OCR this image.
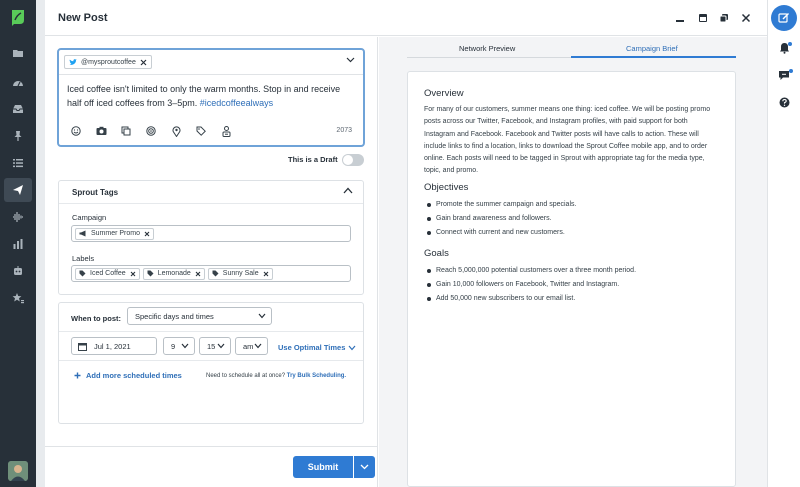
New Post
@mysproutcoffee
Iced coffee isn't limited to only the warm months. Stop in and receive half off iced coffees from 3–5pm. #icedcoffeealways
2073
This is a Draft
Sprout Tags
Campaign
Summer Promo
Labels
Iced Coffee	Lemonade	Sunny Sale
When to post: Specific days and times
Jul 1, 2021	9	15	am	Use Optimal Times
Add more scheduled times	Need to schedule all at once? Try Bulk Scheduling.
Submit
Network Preview	Campaign Brief
Overview

For many of our customers, summer means one thing: iced coffee. We will be posting promo posts across our Twitter, Facebook, and Instagram profiles, with paid support for both Instagram and Facebook. Facebook and Twitter posts will have calls to action. These will include links to find a location, links to download the Sprout Coffee mobile app, and to order online. Each posts will need to be tagged in Sprout with appropriate tag for the media type, topic, and promo.

Objectives
Promote the summer campaign and specials.
Gain brand awareness and followers.
Connect with current and new customers.
Goals
Reach 5,000,000 potential customers over a three month period.
Gain 10,000 followers on Facebook, Twitter and Instagram.
Add 50,000 new subscribers to our email list.
